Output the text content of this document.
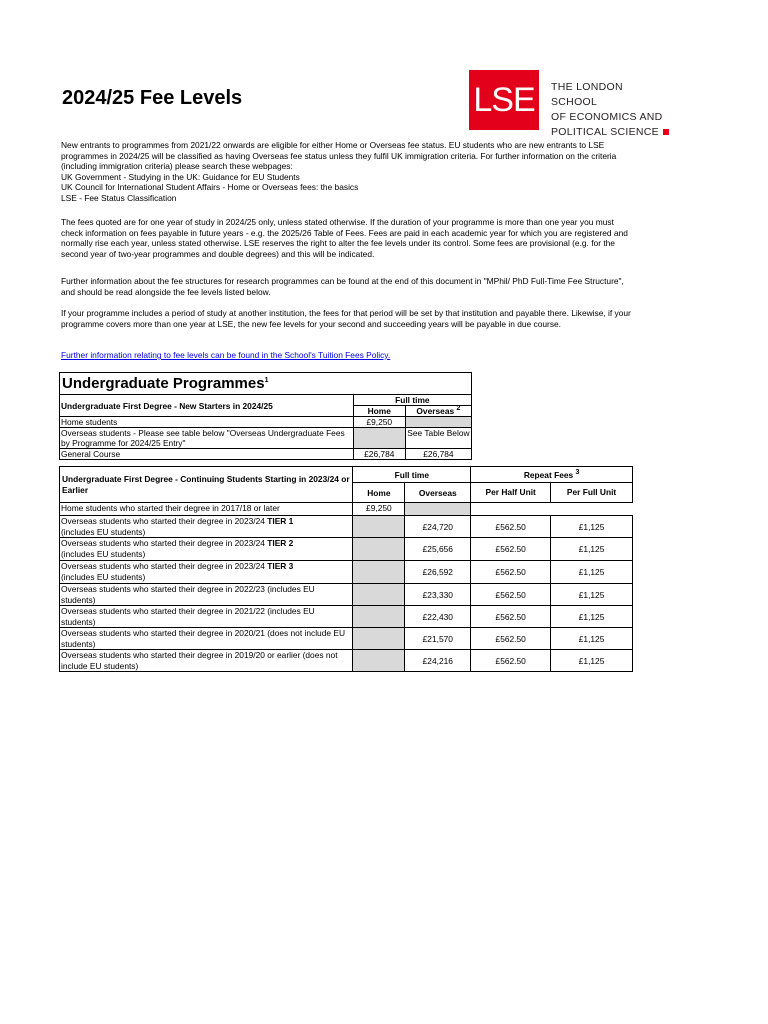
2024/25 Fee Levels	LSE	THE LONDON SCHOOL
OF ECONOMICS AND
POLITICAL SCIENCE

New entrants to programmes from 2021/22 onwards are eligible for either Home or Overseas fee status. EU students who are new entrants to LSE programmes in 2024/25 will be classified as having Overseas fee status unless they fulfil UK immigration criteria. For further information on the criteria (including immigration criteria) please search these webpages:

UK Government - Studying in the UK: Guidance for EU Students
UK Council for International Student Affairs - Home or Overseas fees: the basics
LSE - Fee Status Classification

The fees quoted are for one year of study in 2024/25 only, unless stated otherwise. If the duration of your programme is more than one year you must check information on fees payable in future years - e.g. the 2025/26 Table of Fees. Fees are paid in each academic year for which you are registered and normally rise each year, unless stated otherwise. LSE reserves the right to alter the fee levels under its control. Some fees are provisional (e.g. for the second year of two-year programmes and double degrees) and this will be indicated.

Further information about the fee structures for research programmes can be found at the end of this document in "MPhil/ PhD Full-Time Fee Structure", and should be read alongside the fee levels listed below.

If your programme includes a period of study at another institution, the fees for that period will be set by that institution and payable there. Likewise, if your programme covers more than one year at LSE, the new fee levels for your second and succeeding years will be payable in due course.

Further information relating to fee levels can be found in the School's Tuition Fees Policy.
Undergraduate Programmes$^1$
Undergraduate First Degree - New Starters in 2024/25	Full time	
	Home	Overseas $^2$
Home students	£9,250	
Overseas students - Please see table below "Overseas Undergraduate Fees by Programme for 2024/25 Entry"		See Table Below
General Course	£26,784	£26,784
Undergraduate First Degree - Continuing Students Starting in 2023/24 or Earlier	Full time		Repeat Fees $^3$
	Home	Overseas	Per Half Unit	Per Full Unit
Home students who started their degree in 2017/18 or later	£9,250			
Overseas students who started their degree in 2023/24 TIER 1
(includes EU students)		£24,720	£562.50	£1,125
Overseas students who started their degree in 2023/24 TIER 2
(includes EU students)		£25,656	£562.50	£1,125
Overseas students who started their degree in 2023/24 TIER 3
(includes EU students)		£26,592	£562.50	£1,125
Overseas students who started their degree in 2022/23 (includes EU students)		£23,330	£562.50	£1,125
Overseas students who started their degree in 2021/22 (includes EU students)		£22,430	£562.50	£1,125
Overseas students who started their degree in 2020/21 (does not include EU students)		£21,570	£562.50	£1,125
Overseas students who started their degree in 2019/20 or earlier (does not include EU students)		£24,216	£562.50	£1,125
